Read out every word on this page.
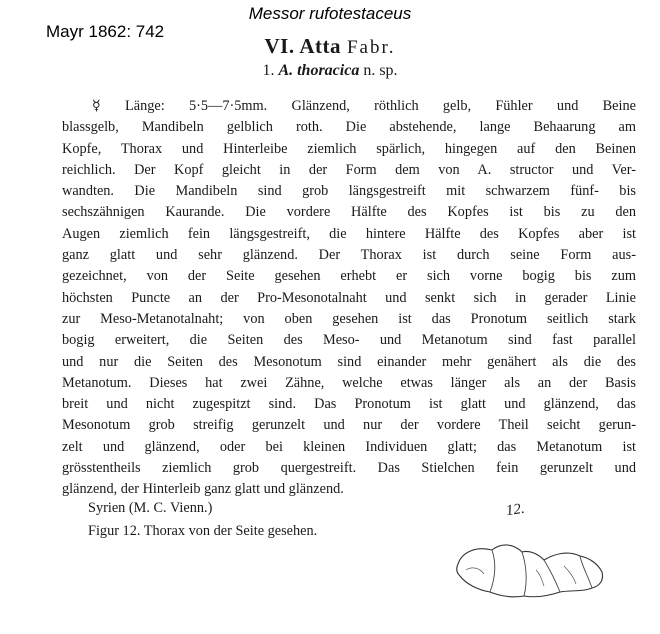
Mayr 1862: 742
Messor rufotestaceus
VI. Atta Fabr.
1. A. thoracica n. sp.
☿ Länge: 5·5—7·5mm. Glänzend, röthlich gelb, Fühler und Beine
blassgelb, Mandibeln gelblich roth. Die abstehende, lange Behaarung am
Kopfe, Thorax und Hinterleibe ziemlich spärlich, hingegen auf den Beinen
reichlich. Der Kopf gleicht in der Form dem von A. structor und Ver-
wandten. Die Mandibeln sind grob längsgestreift mit schwarzem fünf- bis
sechszähnigen Kaurande. Die vordere Hälfte des Kopfes ist bis zu den
Augen ziemlich fein längsgestreift, die hintere Hälfte des Kopfes aber ist
ganz glatt und sehr glänzend. Der Thorax ist durch seine Form aus-
gezeichnet, von der Seite gesehen erhebt er sich vorne bogig bis zum
höchsten Puncte an der Pro-Mesonotalnaht und senkt sich in gerader Linie
zur Meso-Metanotalnaht; von oben gesehen ist das Pronotum seitlich stark
bogig erweitert, die Seiten des Meso- und Metanotum sind fast parallel
und nur die Seiten des Mesonotum sind einander mehr genähert als die des
Metanotum. Dieses hat zwei Zähne, welche etwas länger als an der Basis
breit und nicht zugespitzt sind. Das Pronotum ist glatt und glänzend, das
Mesonotum grob streifig gerunzelt und nur der vordere Theil seicht gerun-
zelt und glänzend, oder bei kleinen Individuen glatt; das Metanotum ist
grösstentheils ziemlich grob quergestreift. Das Stielchen fein gerunzelt und
glänzend, der Hinterleib ganz glatt und glänzend.
Syrien (M. C. Vienn.)
Figur 12. Thorax von der Seite gesehen.
12.
